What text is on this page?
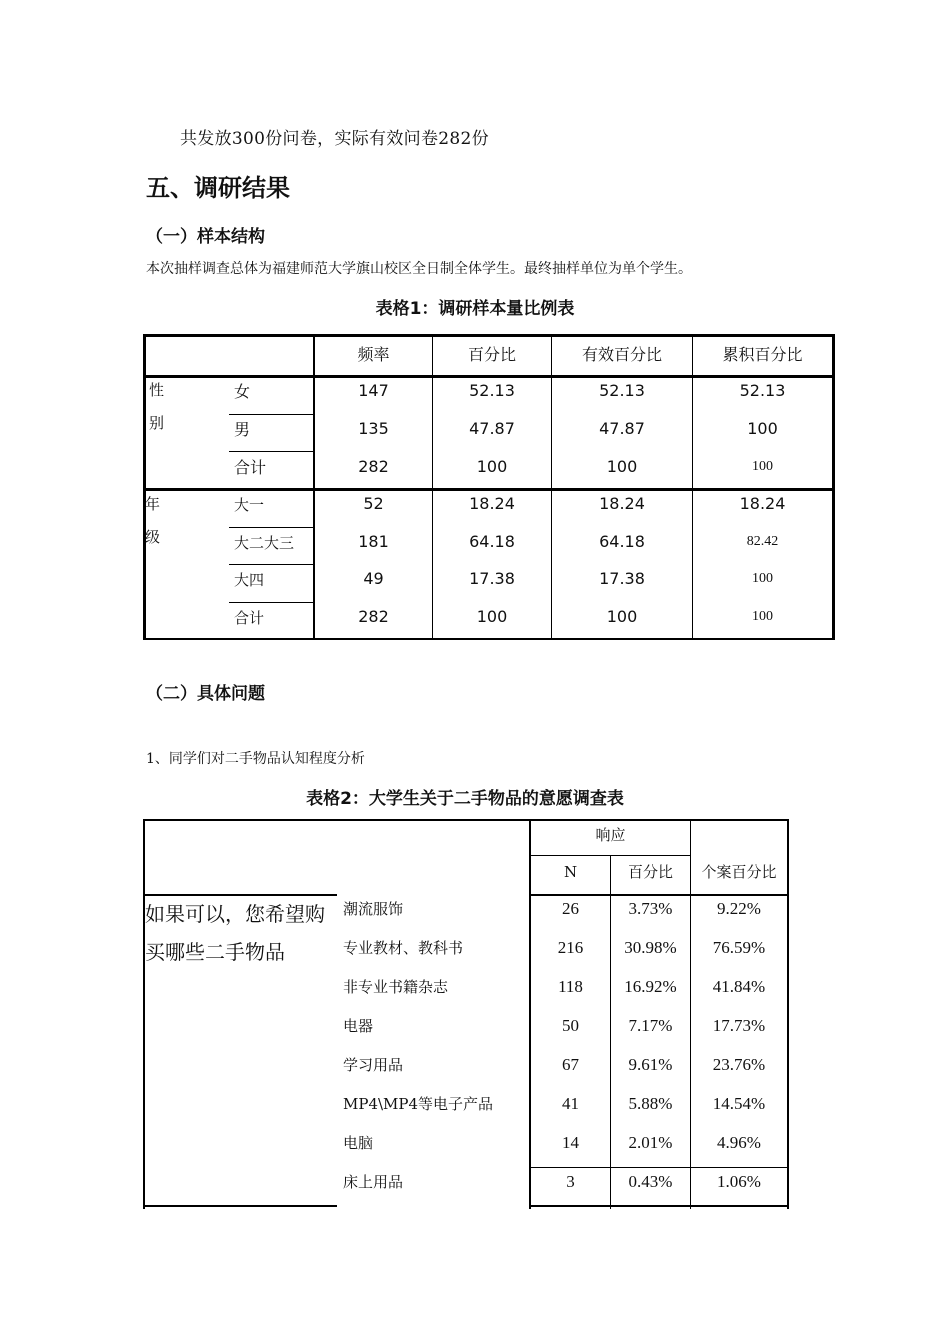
共发放300份问卷，实际有效问卷282份
五、调研结果
（一）样本结构
本次抽样调查总体为福建师范大学旗山校区全日制全体学生。最终抽样单位为单个学生。
表格1：调研样本量比例表
频率	百分比	有效百分比	累积百分比
性
别
女	147	52.13	52.13	52.13
男	135	47.87	47.87	100
合计	282	100	100	100
年
级
大一	52	18.24	18.24	18.24
大二大三	181	64.18	64.18	82.42
大四	49	17.38	17.38	100
合计	282	100	100	100
（二）具体问题
1、同学们对二手物品认知程度分析
表格2：大学生关于二手物品的意愿调查表
响应
N	百分比	个案百分比
如果可以，您希望购
买哪些二手物品
潮流服饰	26	3.73%	9.22%
专业教材、教科书	216	30.98%	76.59%
非专业书籍杂志	118	16.92%	41.84%
电器	50	7.17%	17.73%
学习用品	67	9.61%	23.76%
MP4\MP4等电子产品	41	5.88%	14.54%
电脑	14	2.01%	4.96%
床上用品	3	0.43%	1.06%
